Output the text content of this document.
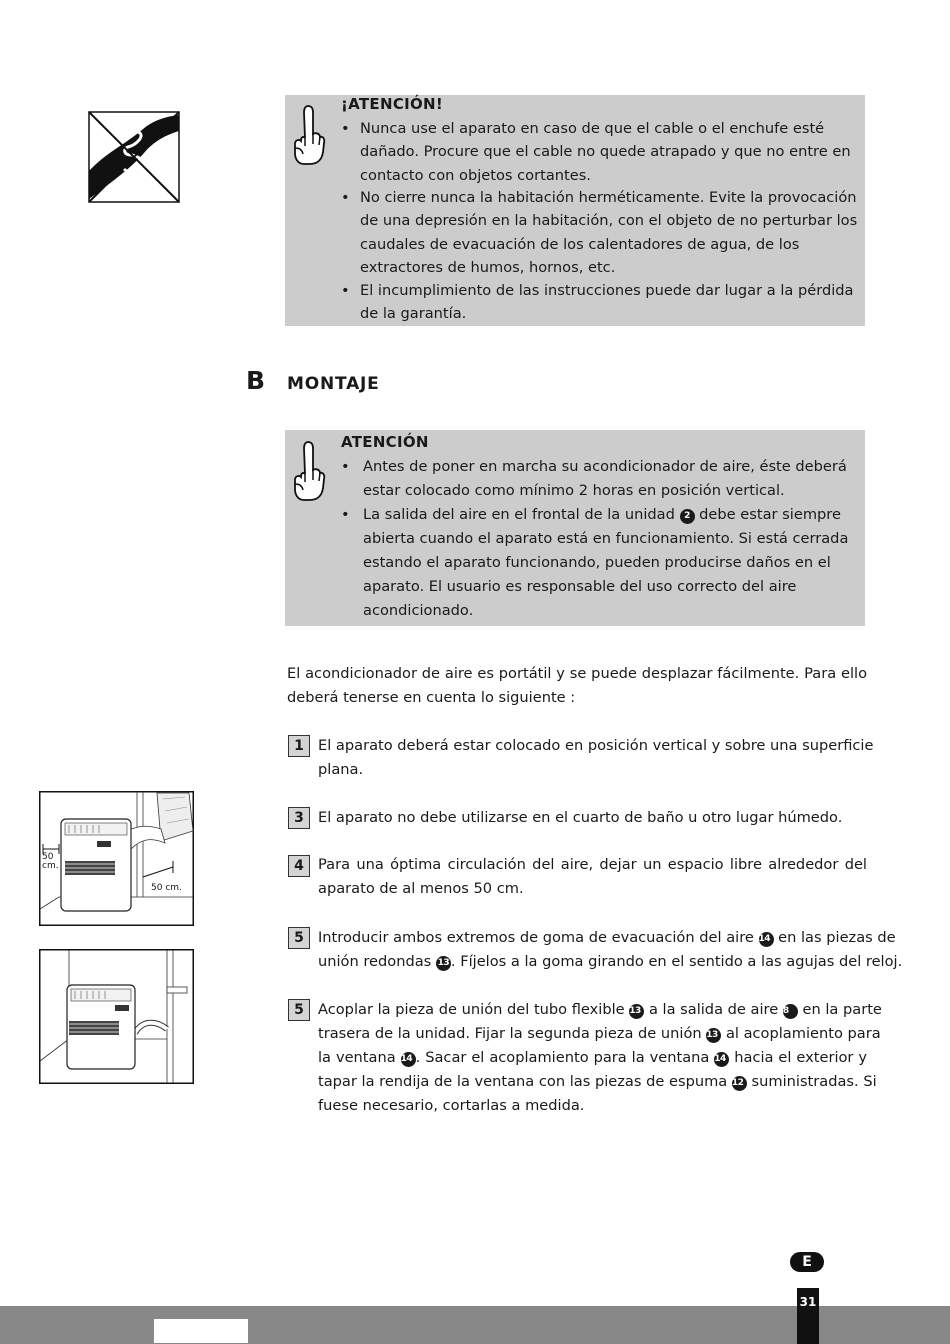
¡ATENCIÓN!
• Nunca use el aparato en caso de que el cable o el enchufe esté
dañado. Procure que el cable no quede atrapado y que no entre en
contacto con objetos cortantes.
• No cierre nunca la habitación herméticamente. Evite la provocación
de una depresión en la habitación, con el objeto de no perturbar los
caudales de evacuación de los calentadores de agua, de los
extractores de humos, hornos, etc.
• El incumplimiento de las instrucciones puede dar lugar a la pérdida
de la garantía.
B MONTAJE
ATENCIÓN
• Antes de poner en marcha su acondicionador de aire, éste deberá
estar colocado como mínimo 2 horas en posición vertical.
• La salida del aire en el frontal de la unidad 2 debe estar siempre
abierta cuando el aparato está en funcionamiento. Si está cerrada
estando el aparato funcionando, pueden producirse daños en el
aparato. El usuario es responsable del uso correcto del aire
acondicionado.
El acondicionador de aire es portátil y se puede desplazar fácilmente. Para ello
deberá tenerse en cuenta lo siguiente :
1 El aparato deberá estar colocado en posición vertical y sobre una superficie
plana.
3 El aparato no debe utilizarse en el cuarto de baño u otro lugar húmedo.
4 Para una óptima circulación del aire, dejar un espacio libre alrededor del
aparato de al menos 50 cm.
5 Introducir ambos extremos de goma de evacuación del aire 14 en las piezas de
unión redondas 13 . Fíjelos a la goma girando en el sentido a las agujas del reloj.
5 Acoplar la pieza de unión del tubo flexible 13 a la salida de aire 8 en la parte
trasera de la unidad. Fijar la segunda pieza de unión 13 al acoplamiento para
la ventana 14 . Sacar el acoplamiento para la ventana 14 hacia el exterior y
tapar la rendija de la ventana con las piezas de espuma 12 suministradas. Si
fuese necesario, cortarlas a medida.
50
cm.
50 cm.
E
31
